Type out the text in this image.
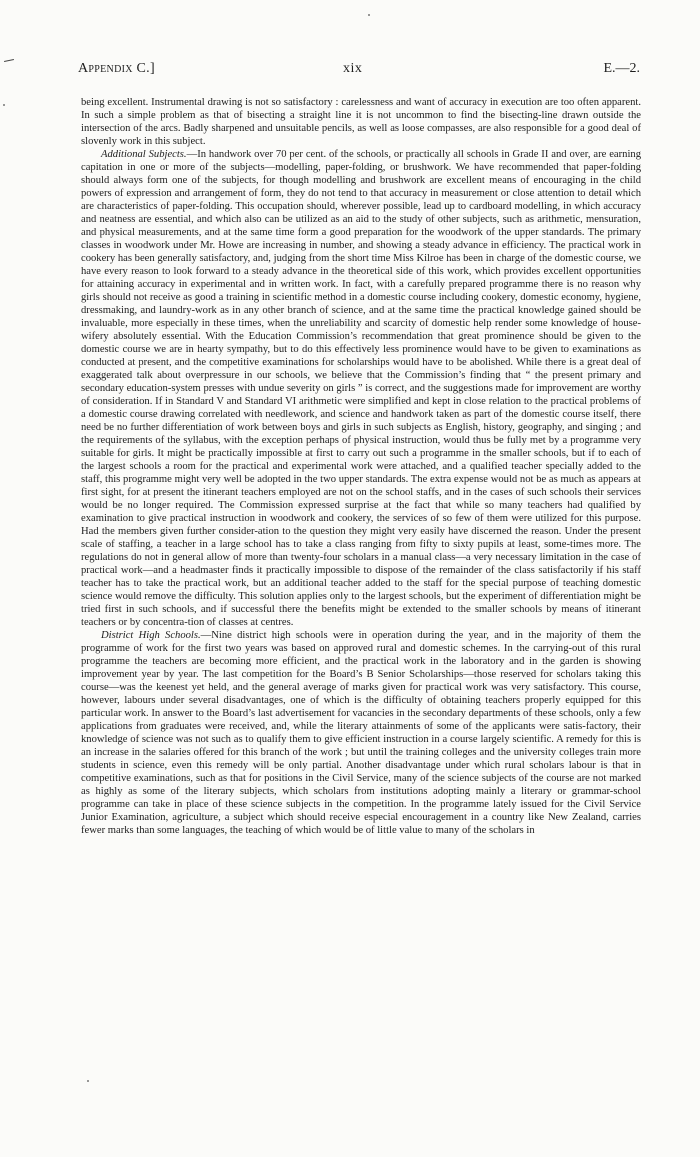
Appendix C.]	xix	E.—2.

being excellent. Instrumental drawing is not so satisfactory : carelessness and want of accuracy in execution are too often apparent. In such a simple problem as that of bisecting a straight line it is not uncommon to find the bisecting-line drawn outside the intersection of the arcs. Badly sharpened and unsuitable pencils, as well as loose compasses, are also responsible for a good deal of slovenly work in this subject.

Additional Subjects.—In handwork over 70 per cent. of the schools, or practically all schools in Grade II and over, are earning capitation in one or more of the subjects—modelling, paper-folding, or brushwork. We have recommended that paper-folding should always form one of the subjects, for though modelling and brushwork are excellent means of encouraging in the child powers of expression and arrangement of form, they do not tend to that accuracy in measurement or close attention to detail which are characteristics of paper-folding. This occupation should, wherever possible, lead up to cardboard modelling, in which accuracy and neatness are essential, and which also can be utilized as an aid to the study of other subjects, such as arithmetic, mensuration, and physical measurements, and at the same time form a good preparation for the woodwork of the upper standards. The primary classes in woodwork under Mr. Howe are increasing in number, and showing a steady advance in efficiency. The practical work in cookery has been generally satisfactory, and, judging from the short time Miss Kilroe has been in charge of the domestic course, we have every reason to look forward to a steady advance in the theoretical side of this work, which provides excellent opportunities for attaining accuracy in experimental and in written work. In fact, with a carefully prepared programme there is no reason why girls should not receive as good a training in scientific method in a domestic course including cookery, domestic economy, hygiene, dressmaking, and laundry-work as in any other branch of science, and at the same time the practical knowledge gained should be invaluable, more especially in these times, when the unreliability and scarcity of domestic help render some knowledge of house-wifery absolutely essential. With the Education Commission’s recommendation that great prominence should be given to the domestic course we are in hearty sympathy, but to do this effectively less prominence would have to be given to examinations as conducted at present, and the competitive examinations for scholarships would have to be abolished. While there is a great deal of exaggerated talk about overpressure in our schools, we believe that the Commission’s finding that “ the present primary and secondary education-system presses with undue severity on girls ” is correct, and the suggestions made for improvement are worthy of consideration. If in Standard V and Standard VI arithmetic were simplified and kept in close relation to the practical problems of a domestic course drawing correlated with needlework, and science and handwork taken as part of the domestic course itself, there need be no further differentiation of work between boys and girls in such subjects as English, history, geography, and singing ; and the requirements of the syllabus, with the exception perhaps of physical instruction, would thus be fully met by a programme very suitable for girls. It might be practically impossible at first to carry out such a programme in the smaller schools, but if to each of the largest schools a room for the practical and experimental work were attached, and a qualified teacher specially added to the staff, this programme might very well be adopted in the two upper standards. The extra expense would not be as much as appears at first sight, for at present the itinerant teachers employed are not on the school staffs, and in the cases of such schools their services would be no longer required. The Commission expressed surprise at the fact that while so many teachers had qualified by examination to give practical instruction in woodwork and cookery, the services of so few of them were utilized for this purpose. Had the members given further consider-ation to the question they might very easily have discerned the reason. Under the present scale of staffing, a teacher in a large school has to take a class ranging from fifty to sixty pupils at least, some-times more. The regulations do not in general allow of more than twenty-four scholars in a manual class—a very necessary limitation in the case of practical work—and a headmaster finds it practically impossible to dispose of the remainder of the class satisfactorily if his staff teacher has to take the practical work, but an additional teacher added to the staff for the special purpose of teaching domestic science would remove the difficulty. This solution applies only to the largest schools, but the experiment of differentiation might be tried first in such schools, and if successful there the benefits might be extended to the smaller schools by means of itinerant teachers or by concentra-tion of classes at centres.

District High Schools.—Nine district high schools were in operation during the year, and in the majority of them the programme of work for the first two years was based on approved rural and domestic schemes. In the carrying-out of this rural programme the teachers are becoming more efficient, and the practical work in the laboratory and in the garden is showing improvement year by year. The last competition for the Board’s B Senior Scholarships—those reserved for scholars taking this course—was the keenest yet held, and the general average of marks given for practical work was very satisfactory. This course, however, labours under several disadvantages, one of which is the difficulty of obtaining teachers properly equipped for this particular work. In answer to the Board’s last advertisement for vacancies in the secondary departments of these schools, only a few applications from graduates were received, and, while the literary attainments of some of the applicants were satis-factory, their knowledge of science was not such as to qualify them to give efficient instruction in a course largely scientific. A remedy for this is an increase in the salaries offered for this branch of the work ; but until the training colleges and the university colleges train more students in science, even this remedy will be only partial. Another disadvantage under which rural scholars labour is that in competitive examinations, such as that for positions in the Civil Service, many of the science subjects of the course are not marked as highly as some of the literary subjects, which scholars from institutions adopting mainly a literary or grammar-school programme can take in place of these science subjects in the competition. In the programme lately issued for the Civil Service Junior Examination, agriculture, a subject which should receive especial encouragement in a country like New Zealand, carries fewer marks than some languages, the teaching of which would be of little value to many of the scholars in
